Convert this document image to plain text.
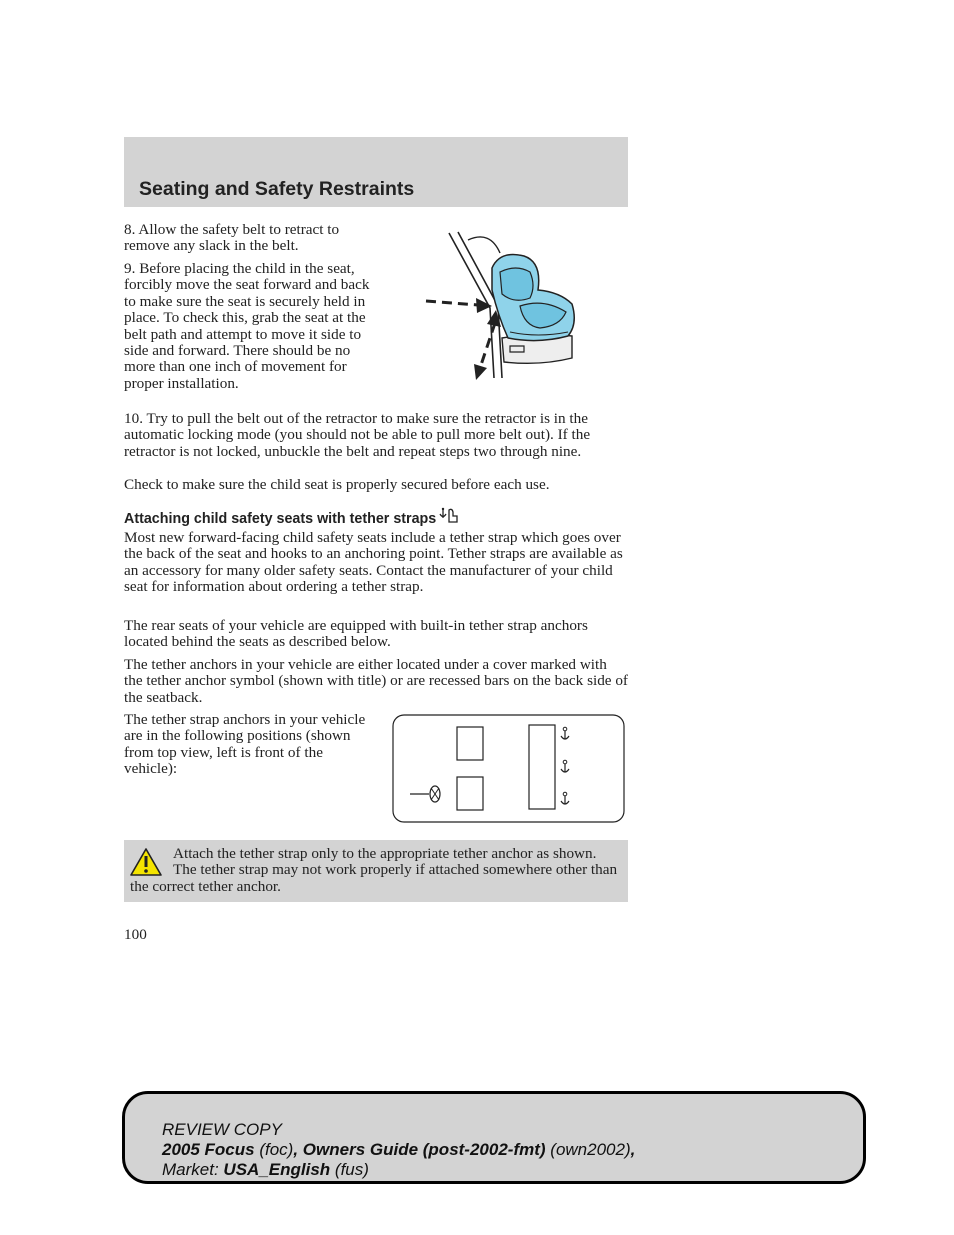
Seating and Safety Restraints

8. Allow the safety belt to retract to remove any slack in the belt.

9. Before placing the child in the seat, forcibly move the seat forward and back to make sure the seat is securely held in place. To check this, grab the seat at the belt path and attempt to move it side to side and forward. There should be no more than one inch of movement for proper installation.

10. Try to pull the belt out of the retractor to make sure the retractor is in the automatic locking mode (you should not be able to pull more belt out). If the retractor is not locked, unbuckle the belt and repeat steps two through nine.

Check to make sure the child seat is properly secured before each use.

Attaching child safety seats with tether straps

Most new forward-facing child safety seats include a tether strap which goes over the back of the seat and hooks to an anchoring point. Tether straps are available as an accessory for many older safety seats. Contact the manufacturer of your child seat for information about ordering a tether strap.

The rear seats of your vehicle are equipped with built-in tether strap anchors located behind the seats as described below.

The tether anchors in your vehicle are either located under a cover marked with the tether anchor symbol (shown with title) or are recessed bars on the back side of the seatback.

The tether strap anchors in your vehicle are in the following positions (shown from top view, left is front of the vehicle):

Attach the tether strap only to the appropriate tether anchor as shown. The tether strap may not work properly if attached somewhere other than the correct tether anchor.

100

REVIEW COPY
2005 Focus (foc), Owners Guide (post-2002-fmt) (own2002),
Market: USA_English (fus)
